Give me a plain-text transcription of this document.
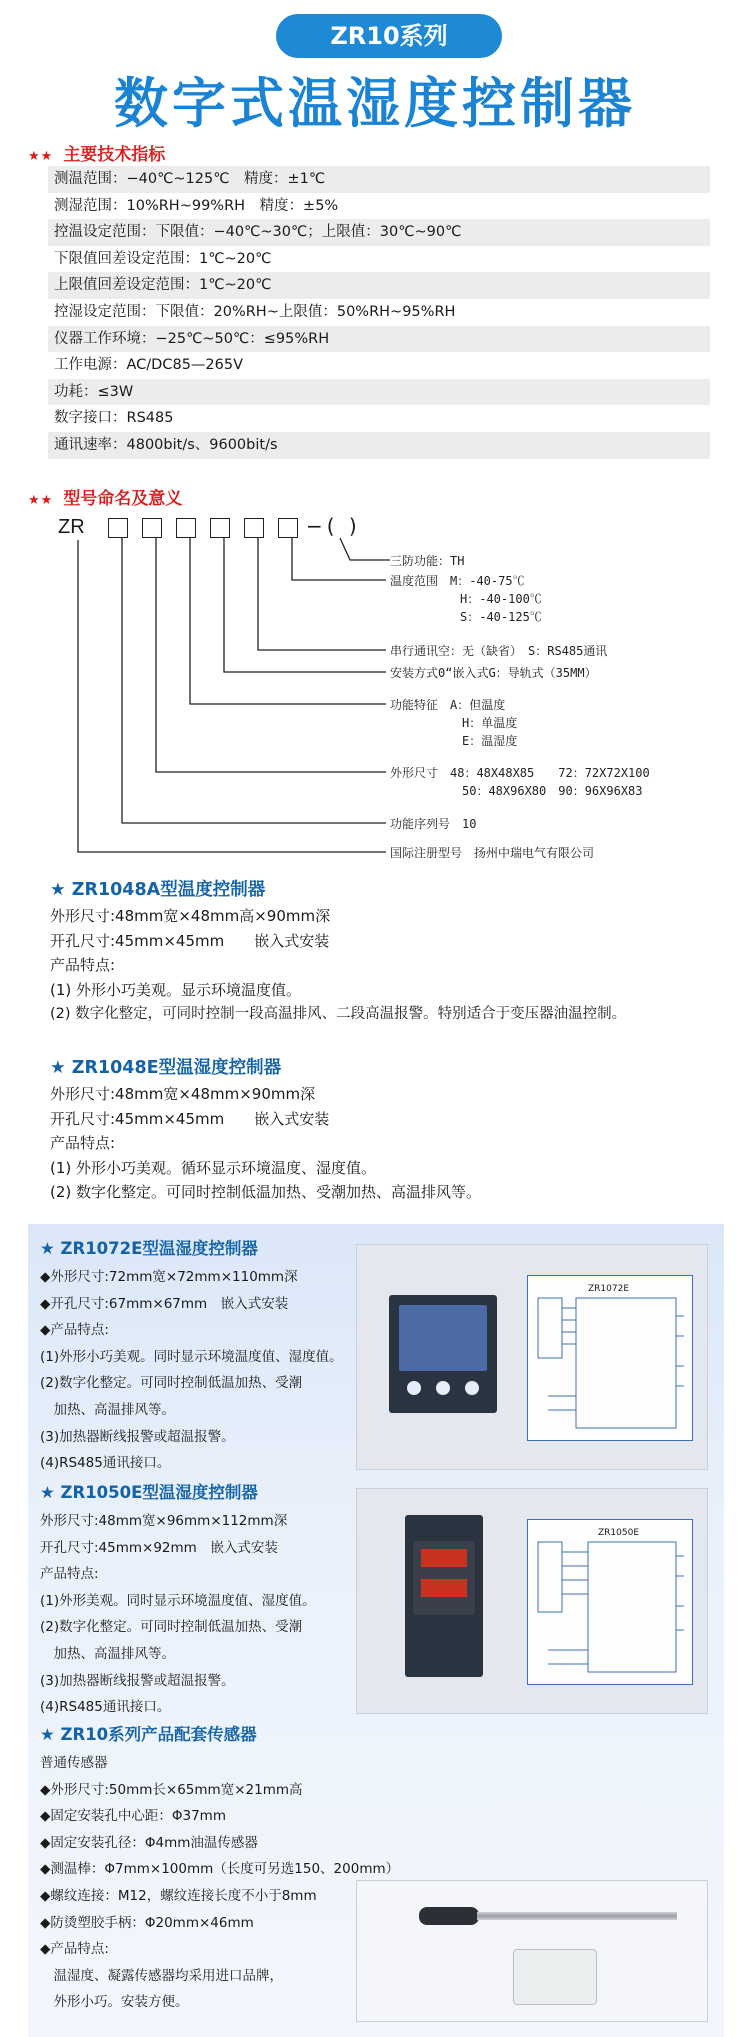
ZR10系列
数字式温湿度控制器
★★ 主要技术指标
测温范围：−40℃~125℃　精度：±1℃
测湿范围：10%RH~99%RH　精度：±5%
控温设定范围：下限值：−40℃~30℃；上限值：30℃~90℃
下限值回差设定范围：1℃~20℃
上限值回差设定范围：1℃~20℃
控湿设定范围：下限值：20%RH~上限值：50%RH~95%RH
仪器工作环境：−25℃~50℃：≤95%RH
工作电源：AC/DC85—265V
功耗：≤3W
数字接口：RS485
通讯速率：4800bit/s、9600bit/s
★★ 型号命名及意义
ZR	−( )
三防功能：TH
温度范围　M：-40-75℃
H：-40-100℃
S：-40-125℃
串行通讯空：无（缺省）　S：RS485通讯
安装方式0“嵌入式G：导轨式（35MM）
功能特征　A：但温度
H：单温度
E：温湿度
外形尺寸　48：48X48X85　　72：72X72X100
50：48X96X80　90：96X96X83
功能序列号　10
国际注册型号　扬州中瑞电气有限公司
★ ZR1048A型温度控制器
外形尺寸:48mm宽×48mm高×90mm深
开孔尺寸:45mm×45mm　　嵌入式安装
产品特点:
(1) 外形小巧美观。显示环境温度值。
(2) 数字化整定，可同时控制一段高温排风、二段高温报警。特别适合于变压器油温控制。
★ ZR1048E型温湿度控制器
外形尺寸:48mm宽×48mm×90mm深
开孔尺寸:45mm×45mm　　嵌入式安装
产品特点:
(1) 外形小巧美观。循环显示环境温度、湿度值。
(2) 数字化整定。可同时控制低温加热、受潮加热、高温排风等。
★ ZR1072E型温湿度控制器
◆外形尺寸:72mm宽×72mm×110mm深
◆开孔尺寸:67mm×67mm　嵌入式安装
◆产品特点:
(1)外形小巧美观。同时显示环境温度值、湿度值。
(2)数字化整定。可同时控制低温加热、受潮
　加热、高温排风等。
(3)加热器断线报警或超温报警。
(4)RS485通讯接口。
ZR1072E
★ ZR1050E型温湿度控制器
外形尺寸:48mm宽×96mm×112mm深
开孔尺寸:45mm×92mm　嵌入式安装
产品特点:
(1)外形美观。同时显示环境温度值、湿度值。
(2)数字化整定。可同时控制低温加热、受潮
　加热、高温排风等。
(3)加热器断线报警或超温报警。
(4)RS485通讯接口。
ZR1050E
★ ZR10系列产品配套传感器
普通传感器
◆外形尺寸:50mm长×65mm宽×21mm高
◆固定安装孔中心距：Φ37mm
◆固定安装孔径：Φ4mm油温传感器
◆测温棒：Φ7mm×100mm（长度可另选150、200mm）
◆螺纹连接：M12，螺纹连接长度不小于8mm
◆防烫塑胶手柄：Φ20mm×46mm
◆产品特点:
　温湿度、凝露传感器均采用进口品牌，
　外形小巧。安装方便。
